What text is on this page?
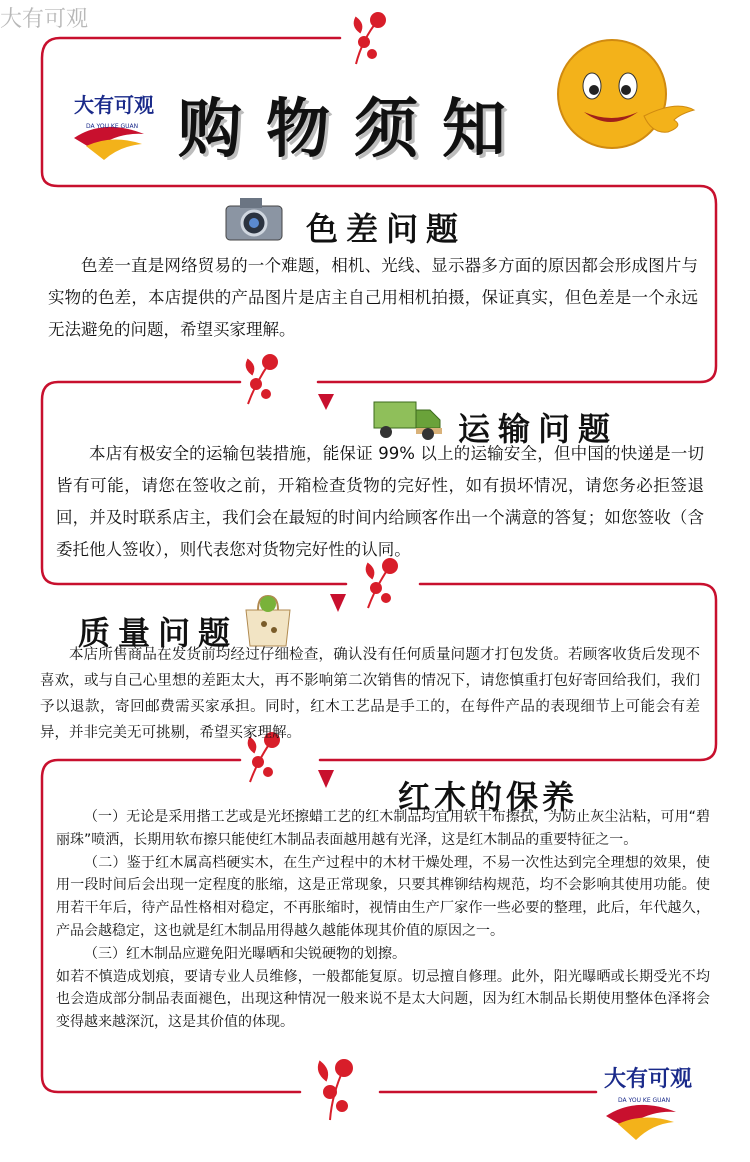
大有可观
大有可观
DA YOU KE GUAN 购物须知
色差问题

色差一直是网络贸易的一个难题，相机、光线、显示器多方面的原因都会形成图片与实物的色差，本店提供的产品图片是店主自己用相机拍摄，保证真实，但色差是一个永远无法避免的问题，希望买家理解。

运输问题

本店有极安全的运输包装措施，能保证 99% 以上的运输安全，但中国的快递是一切皆有可能，请您在签收之前，开箱检查货物的完好性，如有损坏情况，请您务必拒签退回，并及时联系店主，我们会在最短的时间内给顾客作出一个满意的答复；如您签收（含委托他人签收），则代表您对货物完好性的认同。

质量问题

本店所售商品在发货前均经过仔细检查，确认没有任何质量问题才打包发货。若顾客收货后发现不喜欢，或与自己心里想的差距太大，再不影响第二次销售的情况下，请您慎重打包好寄回给我们，我们予以退款，寄回邮费需买家承担。同时，红木工艺品是手工的，在每件产品的表现细节上可能会有差异，并非完美无可挑剔，希望买家理解。

红木的保养

（一）无论是采用揩工艺或是光坯擦蜡工艺的红木制品均宜用软干布擦拭，为防止灰尘沾粘，可用“碧丽珠”喷洒，长期用软布擦只能使红木制品表面越用越有光泽，这是红木制品的重要特征之一。

（二）鉴于红木属高档硬实木，在生产过程中的木材干燥处理，不易一次性达到完全理想的效果，使用一段时间后会出现一定程度的胀缩，这是正常现象，只要其榫铆结构规范，均不会影响其使用功能。使用若干年后，待产品性格相对稳定，不再胀缩时，视情由生产厂家作一些必要的整理，此后，年代越久，产品会越稳定，这也就是红木制品用得越久越能体现其价值的原因之一。

（三）红木制品应避免阳光曝晒和尖锐硬物的划擦。

如若不慎造成划痕，要请专业人员维修，一般都能复原。切忌擅自修理。此外，阳光曝晒或长期受光不均也会造成部分制品表面褪色，出现这种情况一般来说不是太大问题，因为红木制品长期使用整体色泽将会变得越来越深沉，这是其价值的体现。

大有可观
DA YOU KE GUAN
